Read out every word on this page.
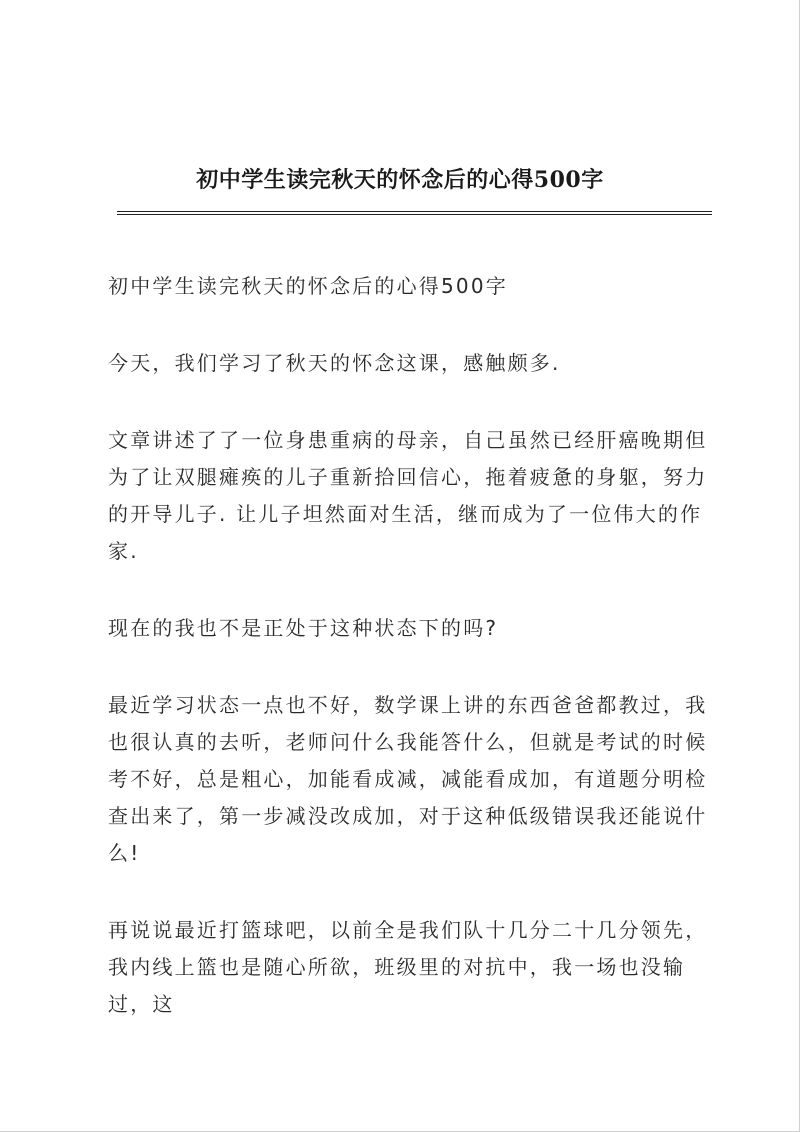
初中学生读完秋天的怀念后的心得500字

初中学生读完秋天的怀念后的心得500字

今天，我们学习了秋天的怀念这课，感触颇多.

文章讲述了了一位身患重病的母亲，自己虽然已经肝癌晚期但为了让双腿瘫痪的儿子重新拾回信心，拖着疲惫的身躯，努力的开导儿子. 让儿子坦然面对生活，继而成为了一位伟大的作家.

现在的我也不是正处于这种状态下的吗?

最近学习状态一点也不好，数学课上讲的东西爸爸都教过，我也很认真的去听，老师问什么我能答什么，但就是考试的时候考不好，总是粗心，加能看成减，减能看成加，有道题分明检查出来了，第一步减没改成加，对于这种低级错误我还能说什么!

再说说最近打篮球吧，以前全是我们队十几分二十几分领先，我内线上篮也是随心所欲，班级里的对抗中，我一场也没输过，这
